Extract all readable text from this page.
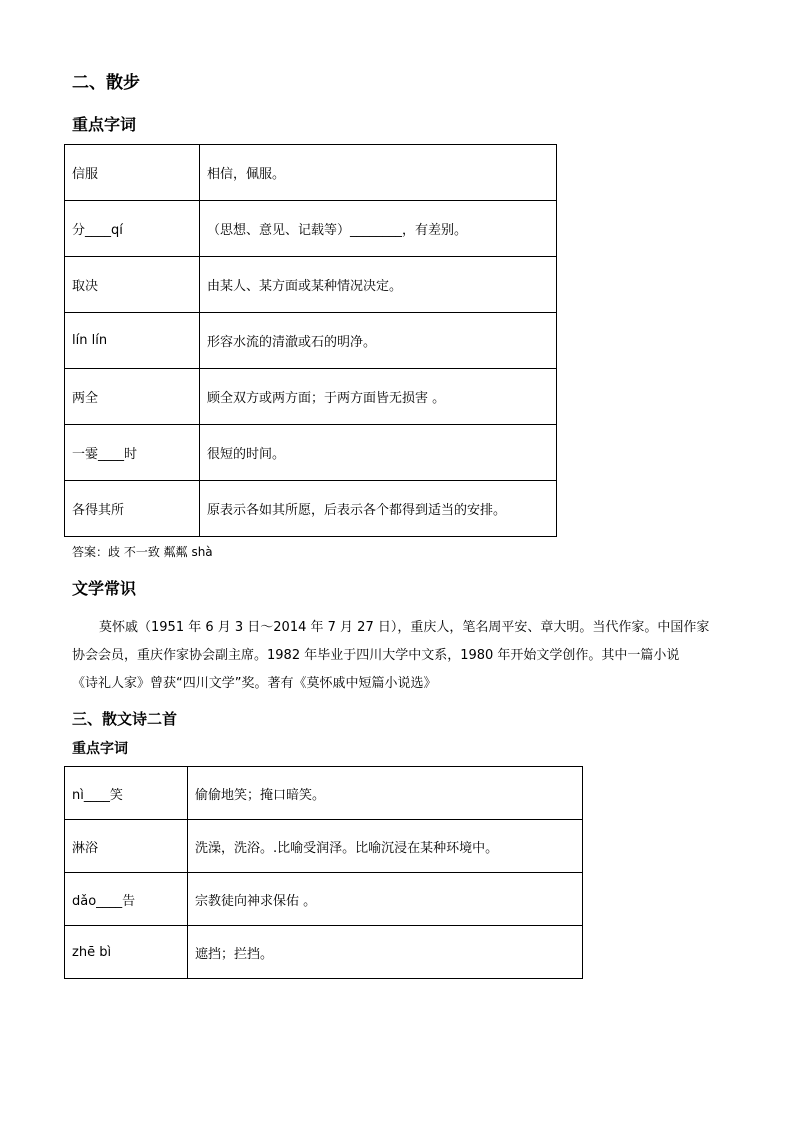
二、散步
重点字词
信服	相信，佩服。
分____qí	（思想、意见、记载等）________，有差别。
取决	由某人、某方面或某种情况决定。
lín lín	形容水流的清澈或石的明净。
两全	顾全双方或两方面；于两方面皆无损害 。
一霎____时	很短的时间。
各得其所	原表示各如其所愿，后表示各个都得到适当的安排。
答案：歧 不一致 粼粼 shà
文学常识
莫怀戚（1951 年 6 月 3 日～2014 年 7 月 27 日），重庆人，笔名周平安、章大明。当代作家。中国作家
协会会员，重庆作家协会副主席。1982 年毕业于四川大学中文系，1980 年开始文学创作。其中一篇小说
《诗礼人家》曾获“四川文学”奖。著有《莫怀戚中短篇小说选》
三、散文诗二首
重点字词
nì____笑	偷偷地笑；掩口暗笑。
淋浴	洗澡，洗浴。.比喻受润泽。比喻沉浸在某种环境中。
dǎo____告	宗教徒向神求保佑 。
zhē bì	遮挡；拦挡。
